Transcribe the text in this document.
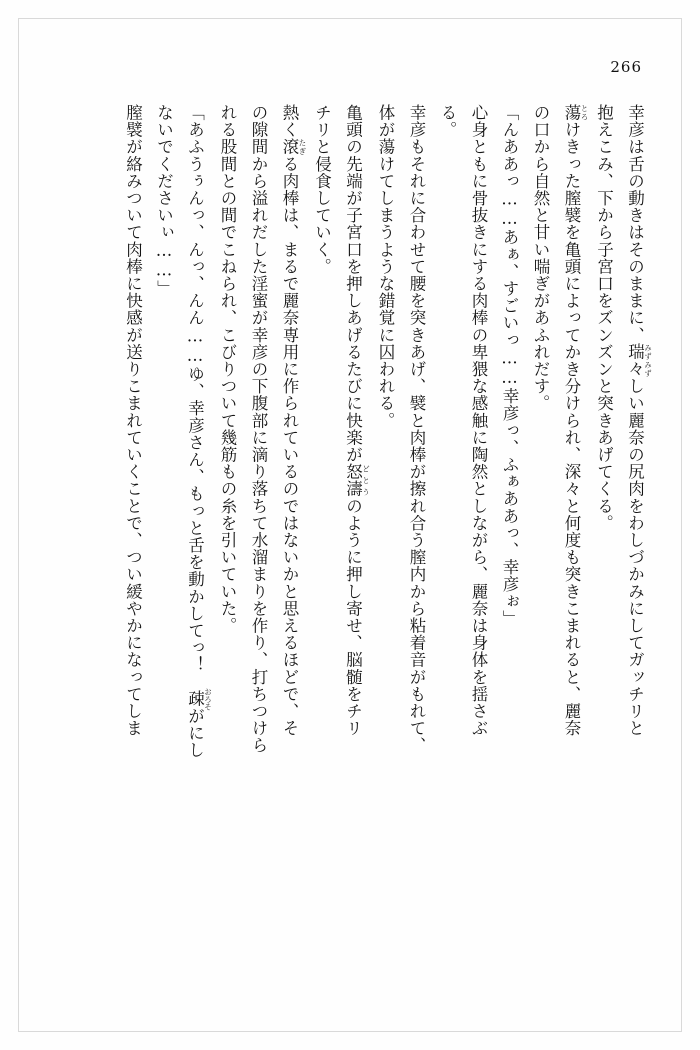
266

幸彦は舌の動きはそのままに、瑞々 みずみずしい麗奈の尻肉をわしづかみにしてガッチリと

抱えこみ、下から子宮口をズンズンと突きあげてくる。

蕩 とろけきった膣襞を亀頭によってかき分けられ、深々と何度も突きこまれると、麗奈

の口から自然と甘い喘ぎがあふれだす。

「んああっ……あぁ、すごいっ……幸彦っ、ふぁああっ、幸彦ぉ」

心身ともに骨抜きにする肉棒の卑猥な感触に陶然としながら、麗奈は身体を揺さぶ

る。

幸彦もそれに合わせて腰を突きあげ、襞と肉棒が擦れ合う膣内から粘着音がもれて、

体が蕩けてしまうような錯覚に囚われる。

亀頭の先端が子宮口を押しあげるたびに快楽が怒濤 どとうのように押し寄せ、脳髄をチリ

チリと侵食していく。

熱く滾 たぎる肉棒は、まるで麗奈専用に作られているのではないかと思えるほどで、そ

の隙間から溢れだした淫蜜が幸彦の下腹部に滴り落ちて水溜まりを作り、打ちつけら

れる股間との間でこねられ、こびりついて幾筋もの糸を引いていた。

「あふうぅんっ、んっ、んん……ゆ、幸彦さん、もっと舌を動かしてっ！　疎 おろそがにし

ないでくださいぃ……」

膣襞が絡みついて肉棒に快感が送りこまれていくことで、つい緩やかになってしま
